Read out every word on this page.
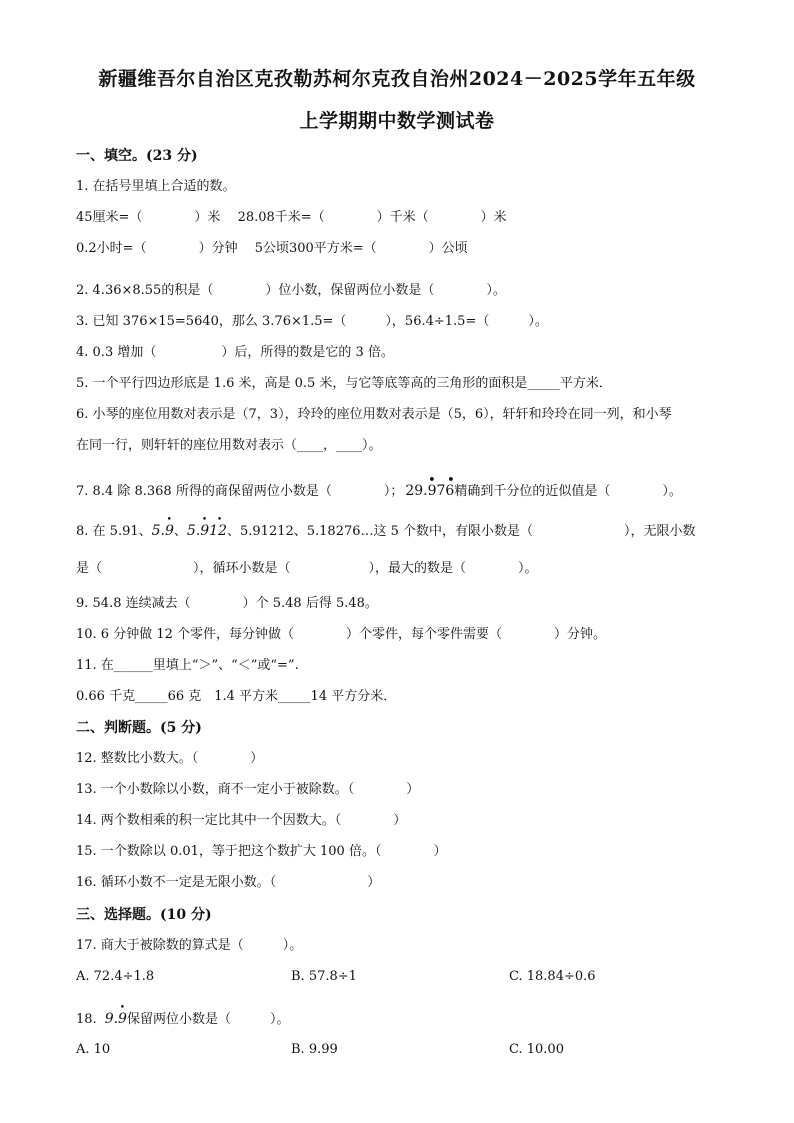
新疆维吾尔自治区克孜勒苏柯尔克孜自治州2024－2025学年五年级
上学期期中数学测试卷
一、填空。(23 分)
1. 在括号里填上合适的数。
45厘米=（　　　　）米　 28.08千米=（　　　　）千米（　　　　）米
0.2小时=（　　　　）分钟　 5公顷300平方米=（　　　　）公顷
2. 4.36×8.55的积是（　　　　）位小数，保留两位小数是（　　　　）。
3. 已知 376×15=5640，那么 3.76×1.5=（　　　），56.4÷1.5=（　　　）。
4. 0.3 增加（　　　　　）后，所得的数是它的 3 倍。
5. 一个平行四边形底是 1.6 米，高是 0.5 米，与它等底等高的三角形的面积是_____平方米．
6. 小琴的座位用数对表示是（7，3），玲玲的座位用数对表示是（5，6），轩轩和玲玲在同一列，和小琴
在同一行，则轩轩的座位用数对表示（____，____）。
7. 8.4 除 8.368 所得的商保留两位小数是（　　　　）；
• •
29.976精确到千分位的近似值是（　　　　）。
8. 在 5.91、
•
5.9、
• •
5.912、5.91212、5.18276…这 5 个数中，有限小数是（　　　　　　　），无限小数
是（　　　　　　　），循环小数是（　　　　　　），最大的数是（　　　　）。
9. 54.8 连续减去（　　　　）个 5.48 后得 5.48。
10. 6 分钟做 12 个零件，每分钟做（　　　　）个零件，每个零件需要（　　　　）分钟。
11. 在______里填上“＞”、“＜”或“=”.
0.66 千克_____66 克　1.4 平方米_____14 平方分米．
二、判断题。(5 分)
12. 整数比小数大。（　　　　）
13. 一个小数除以小数，商不一定小于被除数。（　　　　）
14. 两个数相乘的积一定比其中一个因数大。（　　　　）
15. 一个数除以 0.01，等于把这个数扩大 100 倍。（　　　　）
16. 循环小数不一定是无限小数。（　　　　　　　）
三、选择题。(10 分)
17. 商大于被除数的算式是（　　　）。
A. 72.4÷1.8	B. 57.8÷1	C. 18.84÷0.6
18.
•
9.9保留两位小数是（　　　）。
A. 10	B. 9.99	C. 10.00
